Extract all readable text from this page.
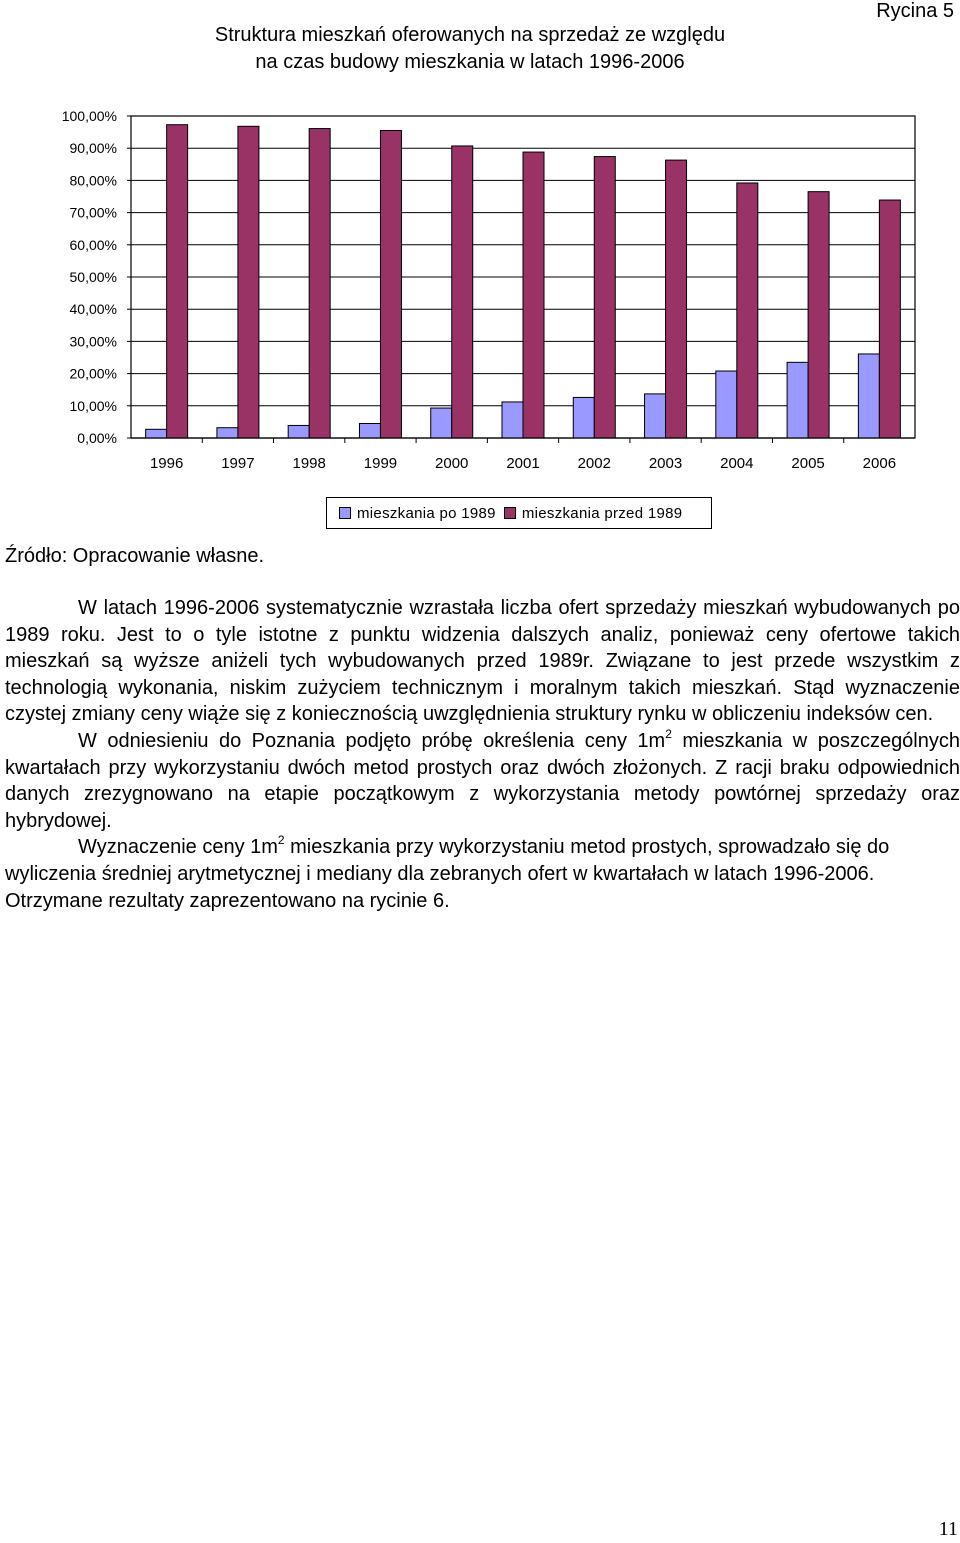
Rycina 5
Struktura mieszkań oferowanych na sprzedaż ze względu
na czas budowy mieszkania w latach 1996-2006
0,00%
10,00%
20,00%
30,00%
40,00%
50,00%
60,00%
70,00%
80,00%
90,00%
100,00%
1996	1997	1998	1999	2000	2001	2002	2003	2004	2005	2006
mieszkania po 1989 mieszkania przed 1989
Źródło: Opracowanie własne.

W latach 1996-2006 systematycznie wzrastała liczba ofert sprzedaży mieszkań wybudowanych po 1989 roku. Jest to o tyle istotne z punktu widzenia dalszych analiz, ponieważ ceny ofertowe takich mieszkań są wyższe aniżeli tych wybudowanych przed 1989r. Związane to jest przede wszystkim z technologią wykonania, niskim zużyciem technicznym i moralnym takich mieszkań. Stąd wyznaczenie czystej zmiany ceny wiąże się z koniecznością uwzględnienia struktury rynku w obliczeniu indeksów cen.

W odniesieniu do Poznania podjęto próbę określenia ceny $1m^2$ mieszkania w poszczególnych kwartałach przy wykorzystaniu dwóch metod prostych oraz dwóch złożonych. Z racji braku odpowiednich danych zrezygnowano na etapie początkowym z wykorzystania metody powtórnej sprzedaży oraz hybrydowej.

Wyznaczenie ceny $1m^2$ mieszkania przy wykorzystaniu metod prostych, sprowadzało się do wyliczenia średniej arytmetycznej i mediany dla zebranych ofert w kwartałach w latach 1996-2006. Otrzymane rezultaty zaprezentowano na rycinie 6.

11
